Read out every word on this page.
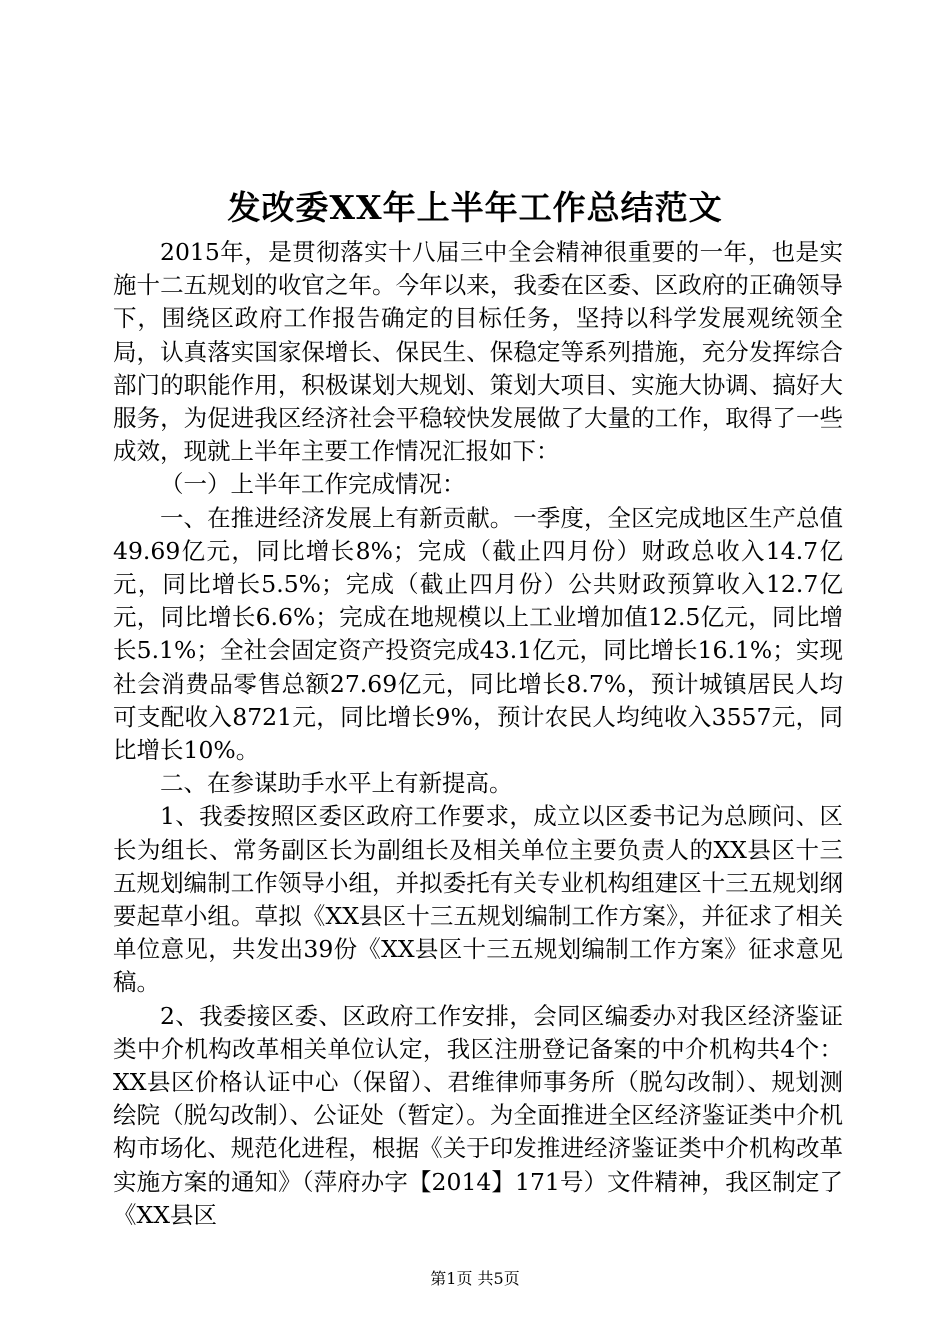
发改委XX年上半年工作总结范文

2015年，是贯彻落实十八届三中全会精神很重要的一年，也是实施十二五规划的收官之年。今年以来，我委在区委、区政府的正确领导下，围绕区政府工作报告确定的目标任务，坚持以科学发展观统领全局，认真落实国家保增长、保民生、保稳定等系列措施，充分发挥综合部门的职能作用，积极谋划大规划、策划大项目、实施大协调、搞好大服务，为促进我区经济社会平稳较快发展做了大量的工作，取得了一些成效，现就上半年主要工作情况汇报如下：

（一）上半年工作完成情况：

一、在推进经济发展上有新贡献。一季度，全区完成地区生产总值49.69亿元，同比增长8%；完成（截止四月份）财政总收入14.7亿元，同比增长5.5%；完成（截止四月份）公共财政预算收入12.7亿元，同比增长6.6%；完成在地规模以上工业增加值12.5亿元，同比增长5.1%；全社会固定资产投资完成43.1亿元，同比增长16.1%；实现社会消费品零售总额27.69亿元，同比增长8.7%，预计城镇居民人均可支配收入8721元，同比增长9%，预计农民人均纯收入3557元，同比增长10%。

二、在参谋助手水平上有新提高。

1、我委按照区委区政府工作要求，成立以区委书记为总顾问、区长为组长、常务副区长为副组长及相关单位主要负责人的XX县区十三五规划编制工作领导小组，并拟委托有关专业机构组建区十三五规划纲要起草小组。草拟《XX县区十三五规划编制工作方案》，并征求了相关单位意见，共发出39份《XX县区十三五规划编制工作方案》征求意见稿。

2、我委接区委、区政府工作安排，会同区编委办对我区经济鉴证类中介机构改革相关单位认定，我区注册登记备案的中介机构共4个：XX县区价格认证中心（保留）、君维律师事务所（脱勾改制）、规划测绘院（脱勾改制）、公证处（暂定）。为全面推进全区经济鉴证类中介机构市场化、规范化进程，根据《关于印发推进经济鉴证类中介机构改革实施方案的通知》（萍府办字【2014】171号）文件精神，我区制定了《XX县区

第1页 共5页
